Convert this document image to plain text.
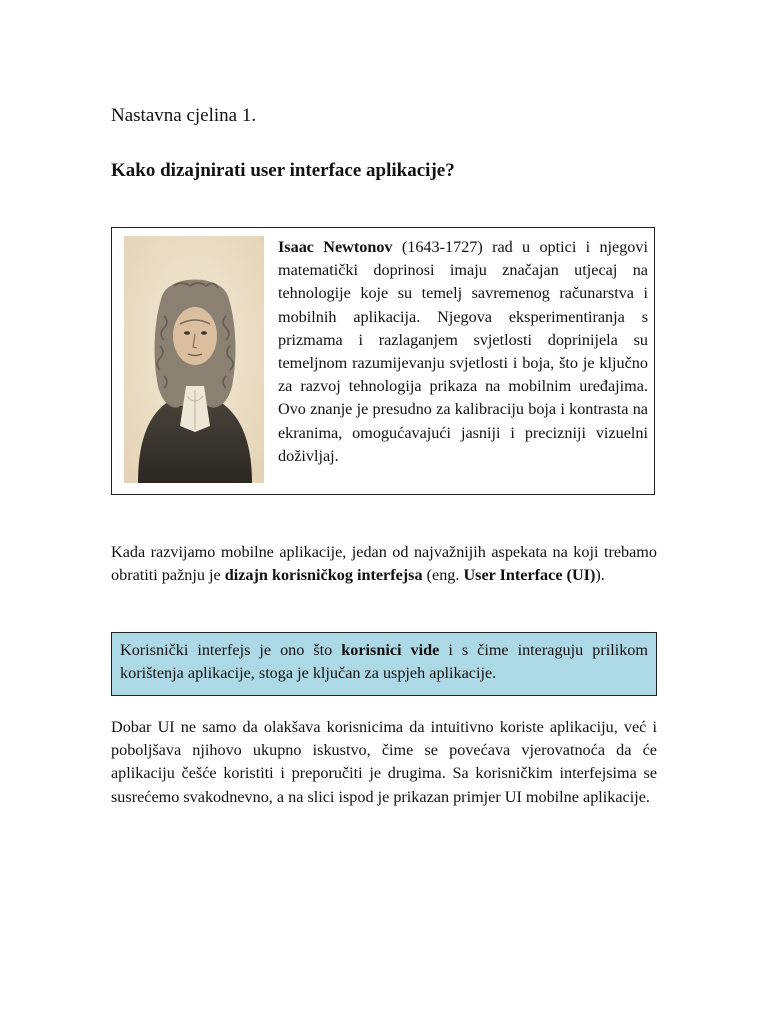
Nastavna cjelina 1.
Kako dizajnirati user interface aplikacije?

Isaac Newtonov (1643-1727) rad u optici i njegovi matematički doprinosi imaju značajan utjecaj na tehnologije koje su temelj savremenog računarstva i mobilnih aplikacija. Njegova eksperimentiranja s prizmama i razlaganjem svjetlosti doprinijela su temeljnom razumijevanju svjetlosti i boja, što je ključno za razvoj tehnologija prikaza na mobilnim uređajima. Ovo znanje je presudno za kalibraciju boja i kontrasta na ekranima, omogućavajući jasniji i precizniji vizuelni doživljaj.

Kada razvijamo mobilne aplikacije, jedan od najvažnijih aspekata na koji trebamo obratiti pažnju je dizajn korisničkog interfejsa (eng. User Interface (UI)).

Korisnički interfejs je ono što korisnici vide i s čime interaguju prilikom korištenja aplikacije, stoga je ključan za uspjeh aplikacije.

Dobar UI ne samo da olakšava korisnicima da intuitivno koriste aplikaciju, već i poboljšava njihovo ukupno iskustvo, čime se povećava vjerovatnoća da će aplikaciju češće koristiti i preporučiti je drugima. Sa korisničkim interfejsima se susrećemo svakodnevno, a na slici ispod je prikazan primjer UI mobilne aplikacije.
